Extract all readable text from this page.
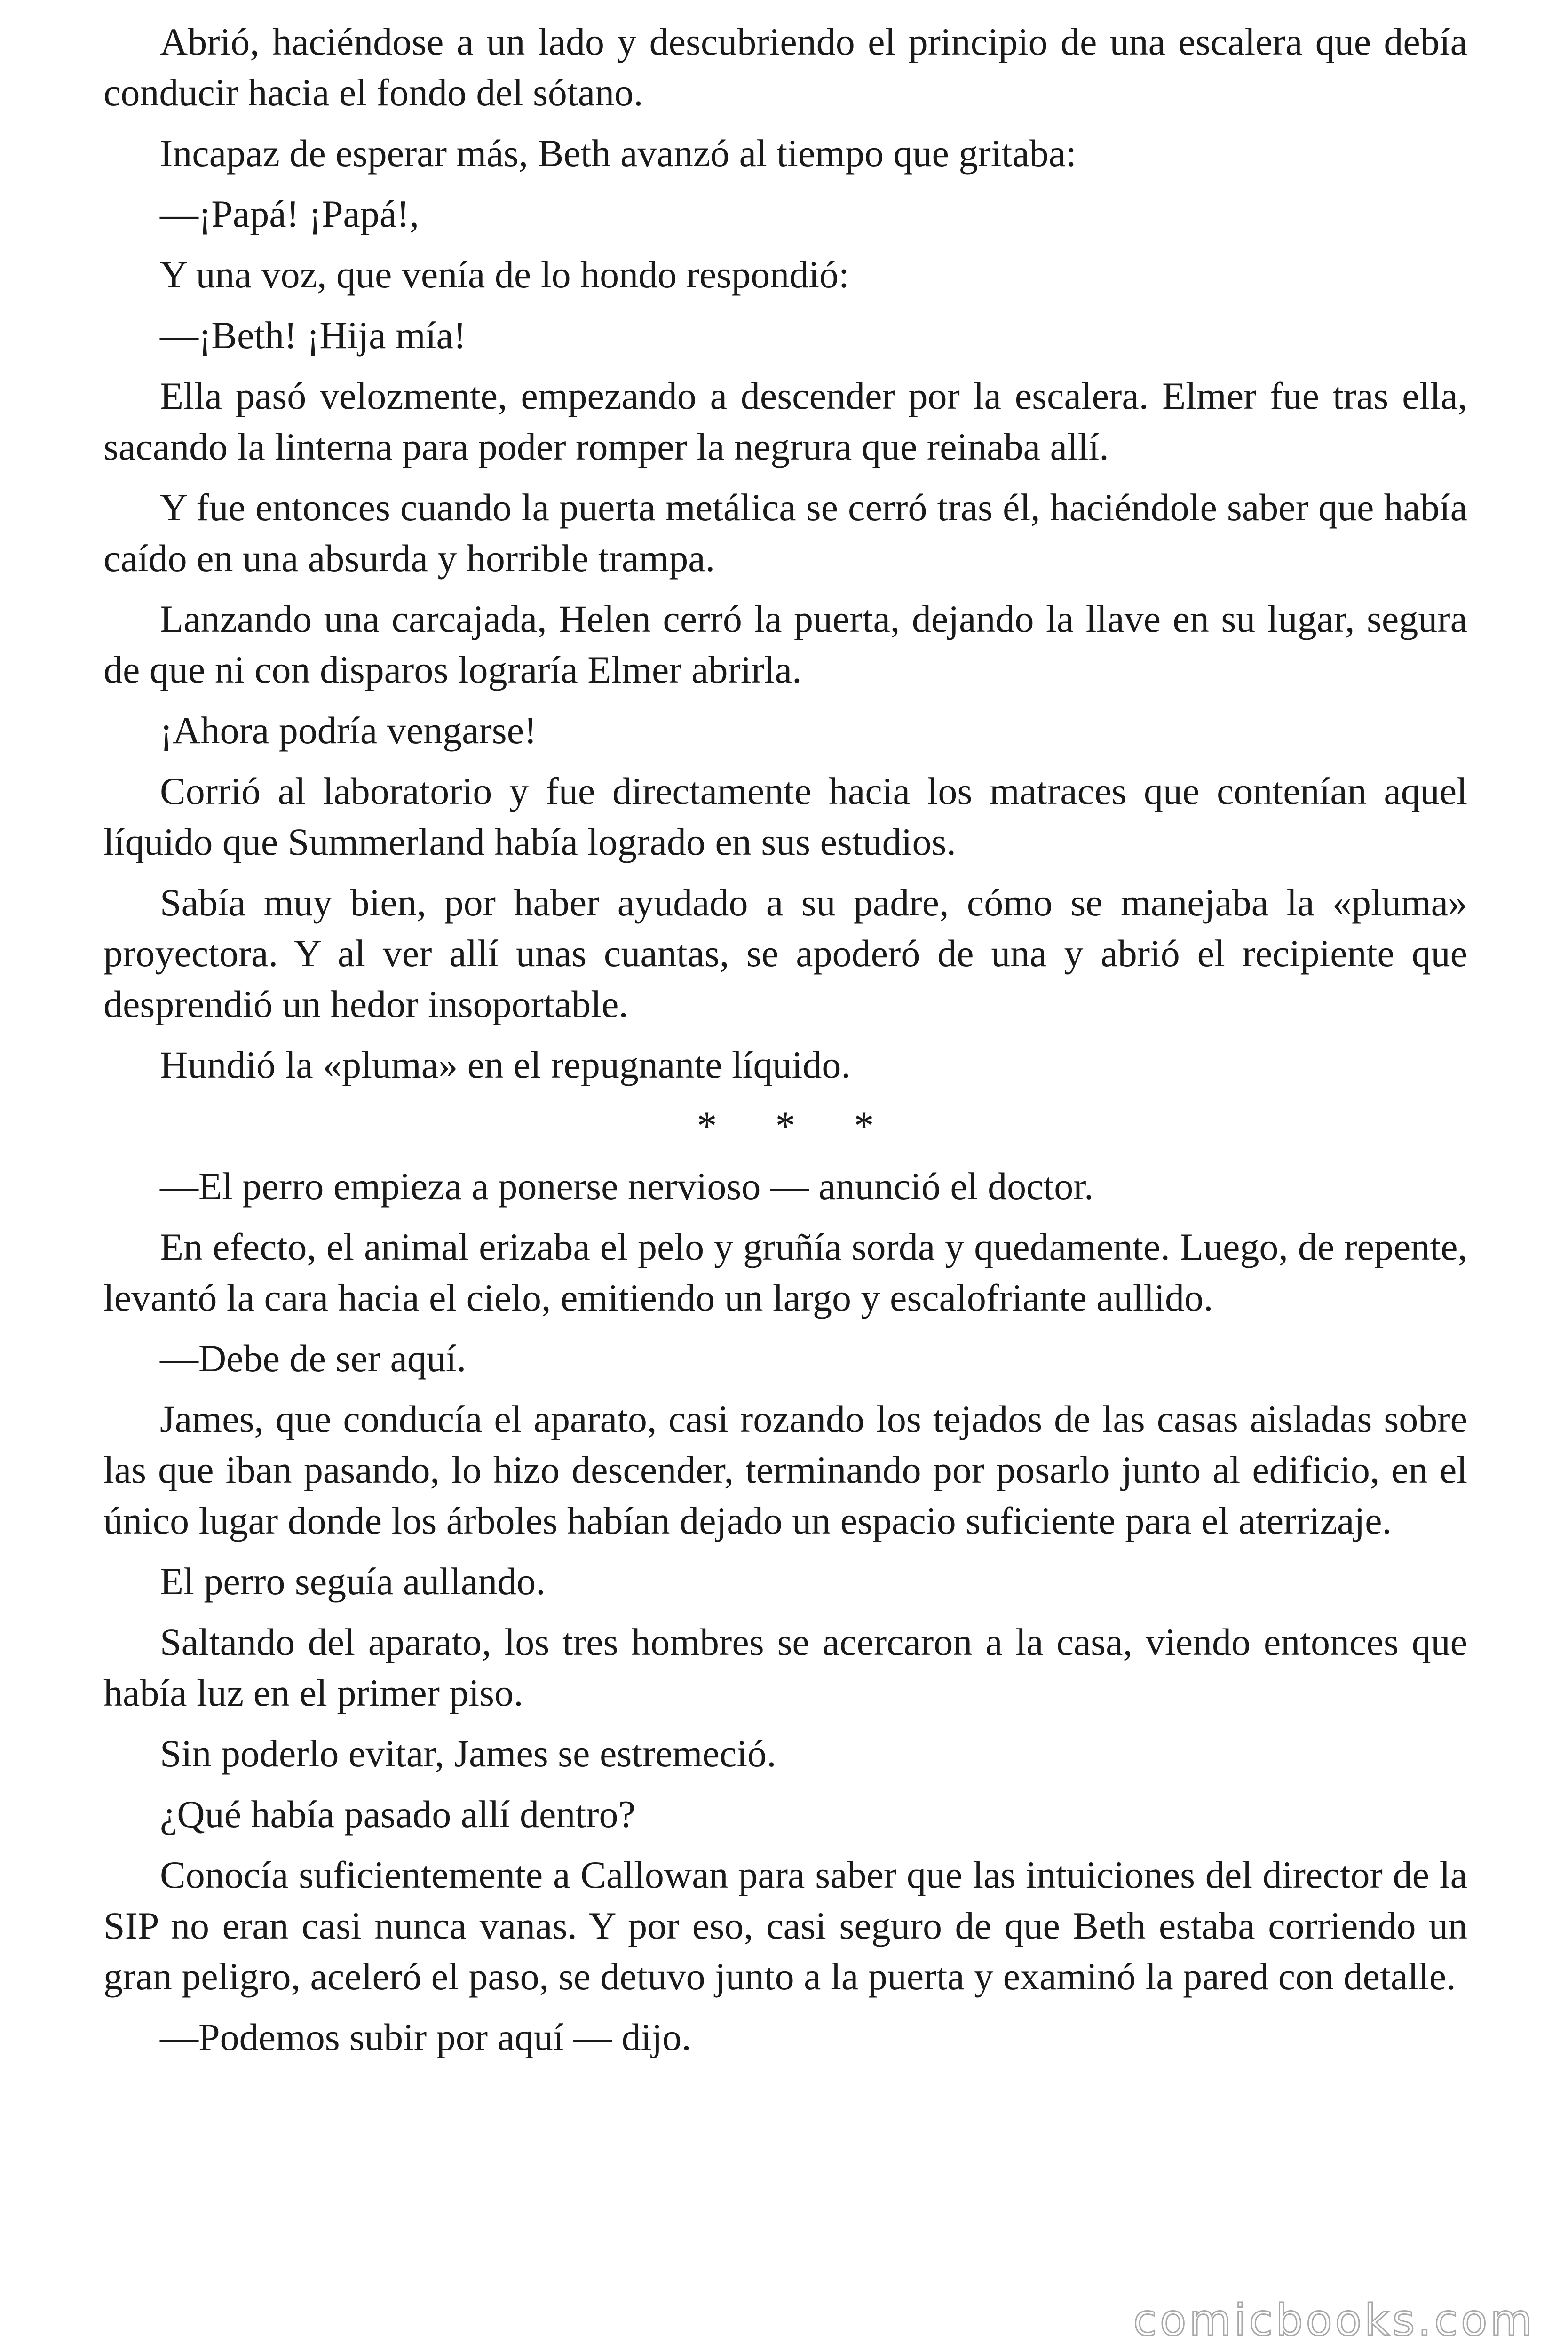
Abrió, haciéndose a un lado y descubriendo el principio de una escalera que debía conducir hacia el fondo del sótano.

Incapaz de esperar más, Beth avanzó al tiempo que gritaba:

—¡Papá! ¡Papá!,

Y una voz, que venía de lo hondo respondió:

—¡Beth! ¡Hija mía!

Ella pasó velozmente, empezando a descender por la escalera. Elmer fue tras ella, sacando la linterna para poder romper la negrura que reinaba allí.

Y fue entonces cuando la puerta metálica se cerró tras él, haciéndole saber que había caído en una absurda y horrible trampa.

Lanzando una carcajada, Helen cerró la puerta, dejando la llave en su lugar, segura de que ni con disparos lograría Elmer abrirla.

¡Ahora podría vengarse!

Corrió al laboratorio y fue directamente hacia los matraces que contenían aquel líquido que Summerland había logrado en sus estudios.

Sabía muy bien, por haber ayudado a su padre, cómo se manejaba la «pluma» proyectora. Y al ver allí unas cuantas, se apoderó de una y abrió el recipiente que desprendió un hedor insoportable.

Hundió la «pluma» en el repugnante líquido.

* * *

—El perro empieza a ponerse nervioso — anunció el doctor.

En efecto, el animal erizaba el pelo y gruñía sorda y quedamente. Luego, de repente, levantó la cara hacia el cielo, emitiendo un largo y escalofriante aullido.

—Debe de ser aquí.

James, que conducía el aparato, casi rozando los tejados de las casas aisladas sobre las que iban pasando, lo hizo descender, terminando por posarlo junto al edificio, en el único lugar donde los árboles habían dejado un espacio suficiente para el aterrizaje.

El perro seguía aullando.

Saltando del aparato, los tres hombres se acercaron a la casa, viendo entonces que había luz en el primer piso.

Sin poderlo evitar, James se estremeció.

¿Qué había pasado allí dentro?

Conocía suficientemente a Callowan para saber que las intuiciones del director de la SIP no eran casi nunca vanas. Y por eso, casi seguro de que Beth estaba corriendo un gran peligro, aceleró el paso, se detuvo junto a la puerta y examinó la pared con detalle.

—Podemos subir por aquí — dijo.

comicbooks.com
